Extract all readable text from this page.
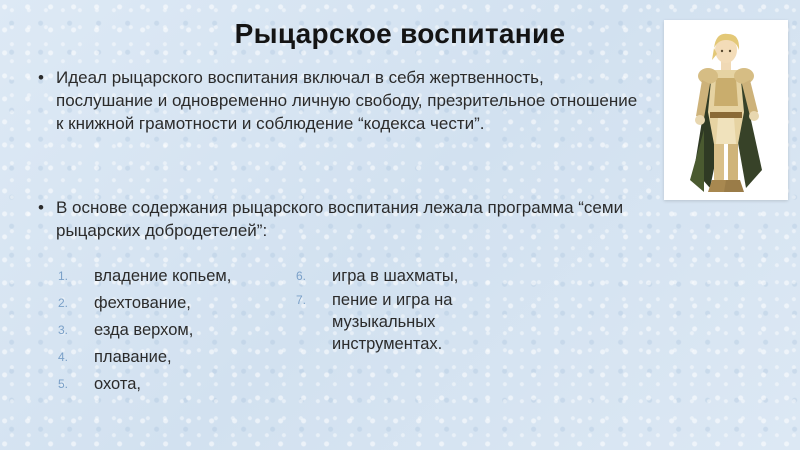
Рыцарское воспитание
• Идеал рыцарского воспитания включал в себя жертвенность, послушание и одновременно личную свободу, презрительное отношение к книжной грамотности и соблюдение “кодекса чести”.
• В основе содержания рыцарского воспитания лежала программа “семи рыцарских добродетелей”:
1. владение копьем,
2. фехтование,
3. езда верхом,
4. плавание,
5. охота,
6. игра в шахматы,
7. пение и игра на музыкальных инструментах.
